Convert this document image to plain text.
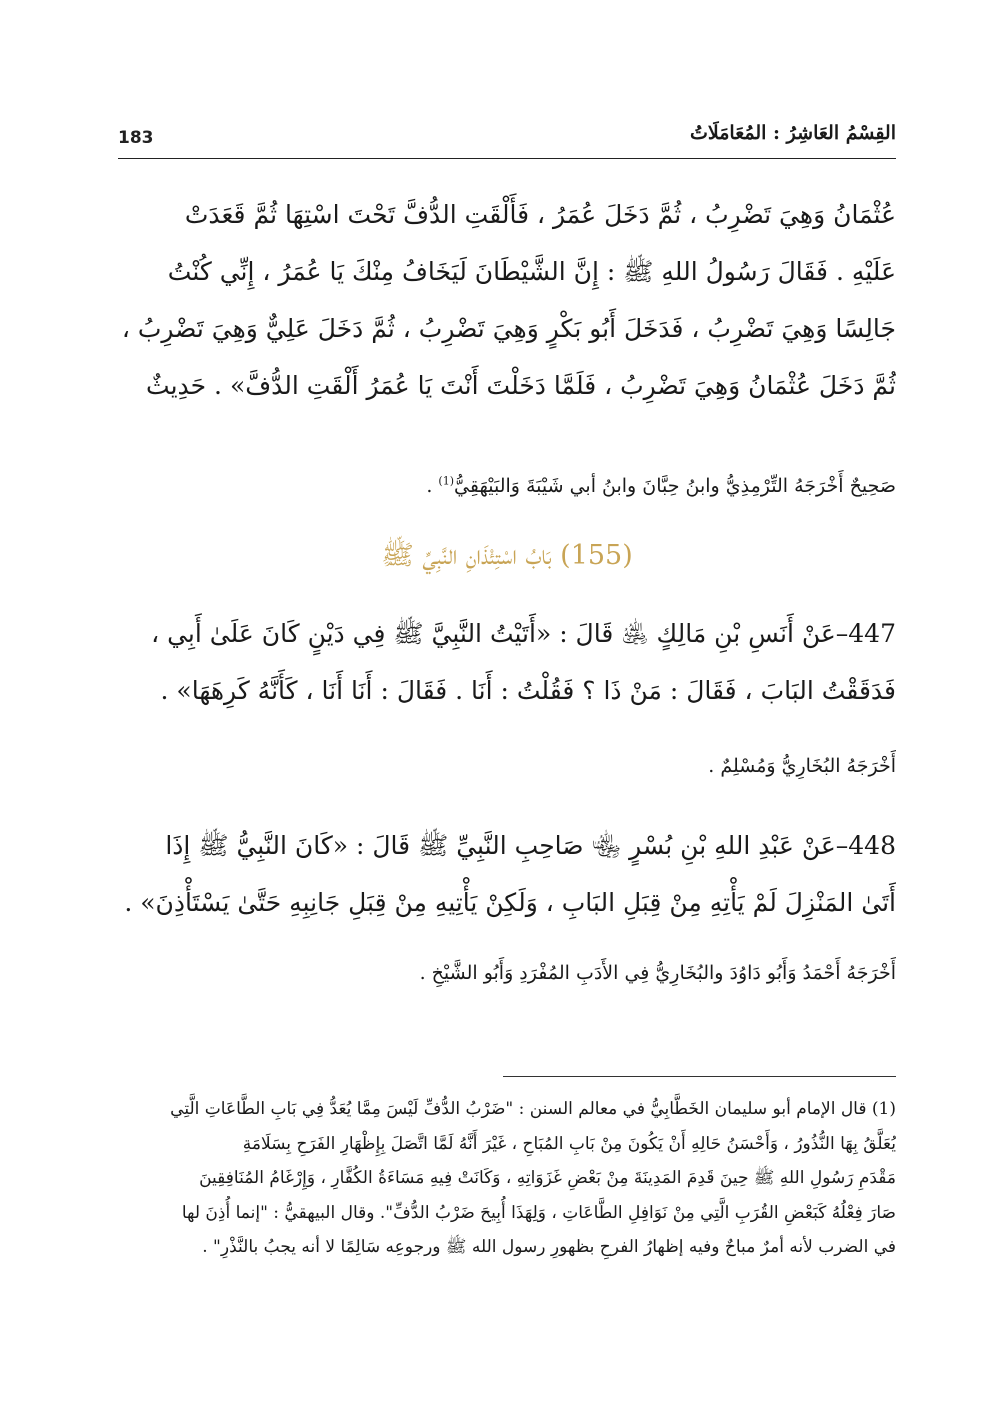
183	القِسْمُ العَاشِرُ : المُعَامَلَاتُ
عُثْمَانُ وَهِيَ تَضْرِبُ ، ثُمَّ دَخَلَ عُمَرُ ، فَأَلْقَتِ الدُّفَّ تَحْتَ اسْتِهَا ثُمَّ قَعَدَتْ
عَلَيْهِ . فَقَالَ رَسُولُ اللهِ ﷺ : إِنَّ الشَّيْطَانَ لَيَخَافُ مِنْكَ يَا عُمَرُ ، إِنِّي كُنْتُ
جَالِسًا وَهِيَ تَضْرِبُ ، فَدَخَلَ أَبُو بَكْرٍ وَهِيَ تَضْرِبُ ، ثُمَّ دَخَلَ عَلِيٌّ وَهِيَ تَضْرِبُ ،
ثُمَّ دَخَلَ عُثْمَانُ وَهِيَ تَضْرِبُ ، فَلَمَّا دَخَلْتَ أَنْتَ يَا عُمَرُ أَلْقَتِ الدُّفَّ» . حَدِيثٌ
صَحِيحٌ أَخْرَجَهُ التِّرْمِذِيُّ وابنُ حِبَّانَ وابنُ أبي شَيْبَةَ وَالبَيْهَقِيُّ$^{(1)}$ .
(155) بَابُ اسْتِئْذَانِ النَّبِيِّ ﷺ
447–عَنْ أَنَسِ بْنِ مَالِكٍ ﵁ قَالَ : «أَتَيْتُ النَّبِيَّ ﷺ فِي دَيْنٍ كَانَ عَلَىٰ أَبِي ،
فَدَقَقْتُ البَابَ ، فَقَالَ : مَنْ ذَا ؟ فَقُلْتُ : أَنَا . فَقَالَ : أَنَا أَنَا ، كَأَنَّهُ كَرِهَهَا» .
أَخْرَجَهُ البُخَارِيُّ وَمُسْلِمٌ .
448–عَنْ عَبْدِ اللهِ بْنِ بُسْرٍ ﵄ صَاحِبِ النَّبِيِّ ﷺ قَالَ : «كَانَ النَّبِيُّ ﷺ إِذَا
أَتَىٰ المَنْزِلَ لَمْ يَأْتِهِ مِنْ قِبَلِ البَابِ ، وَلَكِنْ يَأْتِيهِ مِنْ قِبَلِ جَانِبِهِ حَتَّىٰ يَسْتَأْذِنَ» .
أَخْرَجَهُ أَحْمَدُ وَأَبُو دَاوُدَ والبُخَارِيُّ فِي الأَدَبِ المُفْرَدِ وَأَبُو الشَّيْخِ .
(1) قال الإمام أبو سليمان الخَطَّابِيُّ في معالم السنن : "ضَرْبُ الدُّفِّ لَيْسَ مِمَّا يُعَدُّ فِي بَابِ الطَّاعَاتِ الَّتِي
يُعَلَّقُ بِهَا النُّذُورُ ، وَأَحْسَنُ حَالِهِ أَنْ يَكُونَ مِنْ بَابِ المُبَاحِ ، غَيْرَ أَنَّهُ لَمَّا اتَّصَلَ بِإِظْهَارِ الفَرَحِ بِسَلَامَةِ
مَقْدَمِ رَسُولِ اللهِ ﷺ حِينَ قَدِمَ المَدِينَةَ مِنْ بَعْضِ غَزَوَاتِهِ ، وَكَانَتْ فِيهِ مَسَاءَةُ الكُفَّارِ ، وَإِرْغَامُ المُنَافِقِينَ
صَارَ فِعْلُهُ كَبَعْضِ القُرَبِ الَّتِي مِنْ نَوَافِلِ الطَّاعَاتِ ، وَلِهَذَا أُبِيحَ ضَرْبُ الدُّفِّ". وقال البيهقيُّ : "إنما أُذِنَ لها
في الضرب لأنه أمرٌ مباحٌ وفيه إظهارُ الفرحِ بظهورِ رسول الله ﷺ ورجوعِه سَالِمًا لا أنه يجبُ بالنَّذْرِ" .
